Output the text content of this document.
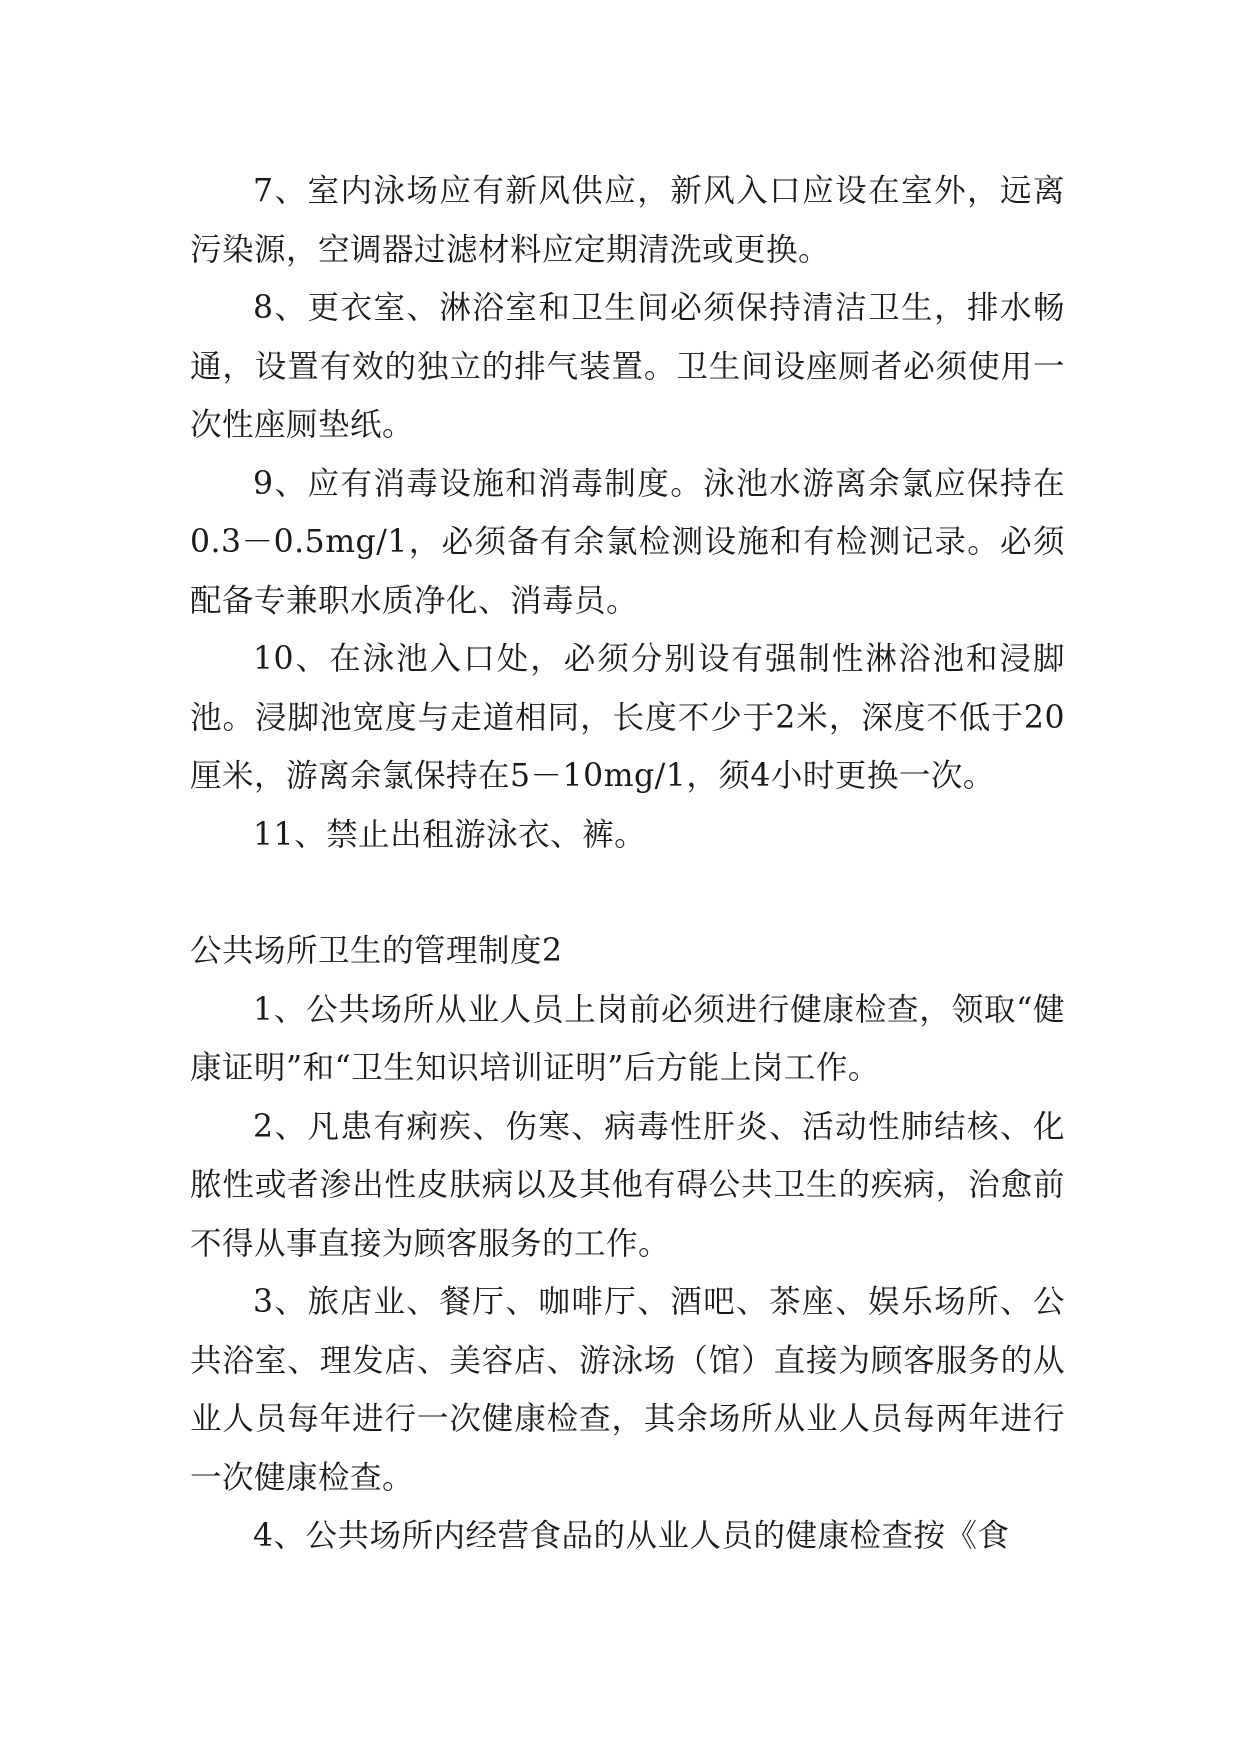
7、室内泳场应有新风供应，新风入口应设在室外，远离污染源，空调器过滤材料应定期清洗或更换。

8、更衣室、淋浴室和卫生间必须保持清洁卫生，排水畅通，设置有效的独立的排气装置。卫生间设座厕者必须使用一次性座厕垫纸。

9、应有消毒设施和消毒制度。泳池水游离余氯应保持在0.3－0.5mg/1，必须备有余氯检测设施和有检测记录。必须配备专兼职水质净化、消毒员。

10、在泳池入口处，必须分别设有强制性淋浴池和浸脚池。浸脚池宽度与走道相同，长度不少于2米，深度不低于20厘米，游离余氯保持在5－10mg/1，须4小时更换一次。

11、禁止出租游泳衣、裤。

公共场所卫生的管理制度2

1、公共场所从业人员上岗前必须进行健康检查，领取“健康证明”和“卫生知识培训证明”后方能上岗工作。

2、凡患有痢疾、伤寒、病毒性肝炎、活动性肺结核、化脓性或者渗出性皮肤病以及其他有碍公共卫生的疾病，治愈前不得从事直接为顾客服务的工作。

3、旅店业、餐厅、咖啡厅、酒吧、茶座、娱乐场所、公共浴室、理发店、美容店、游泳场（馆）直接为顾客服务的从业人员每年进行一次健康检查，其余场所从业人员每两年进行一次健康检查。

4、公共场所内经营食品的从业人员的健康检查按《食
